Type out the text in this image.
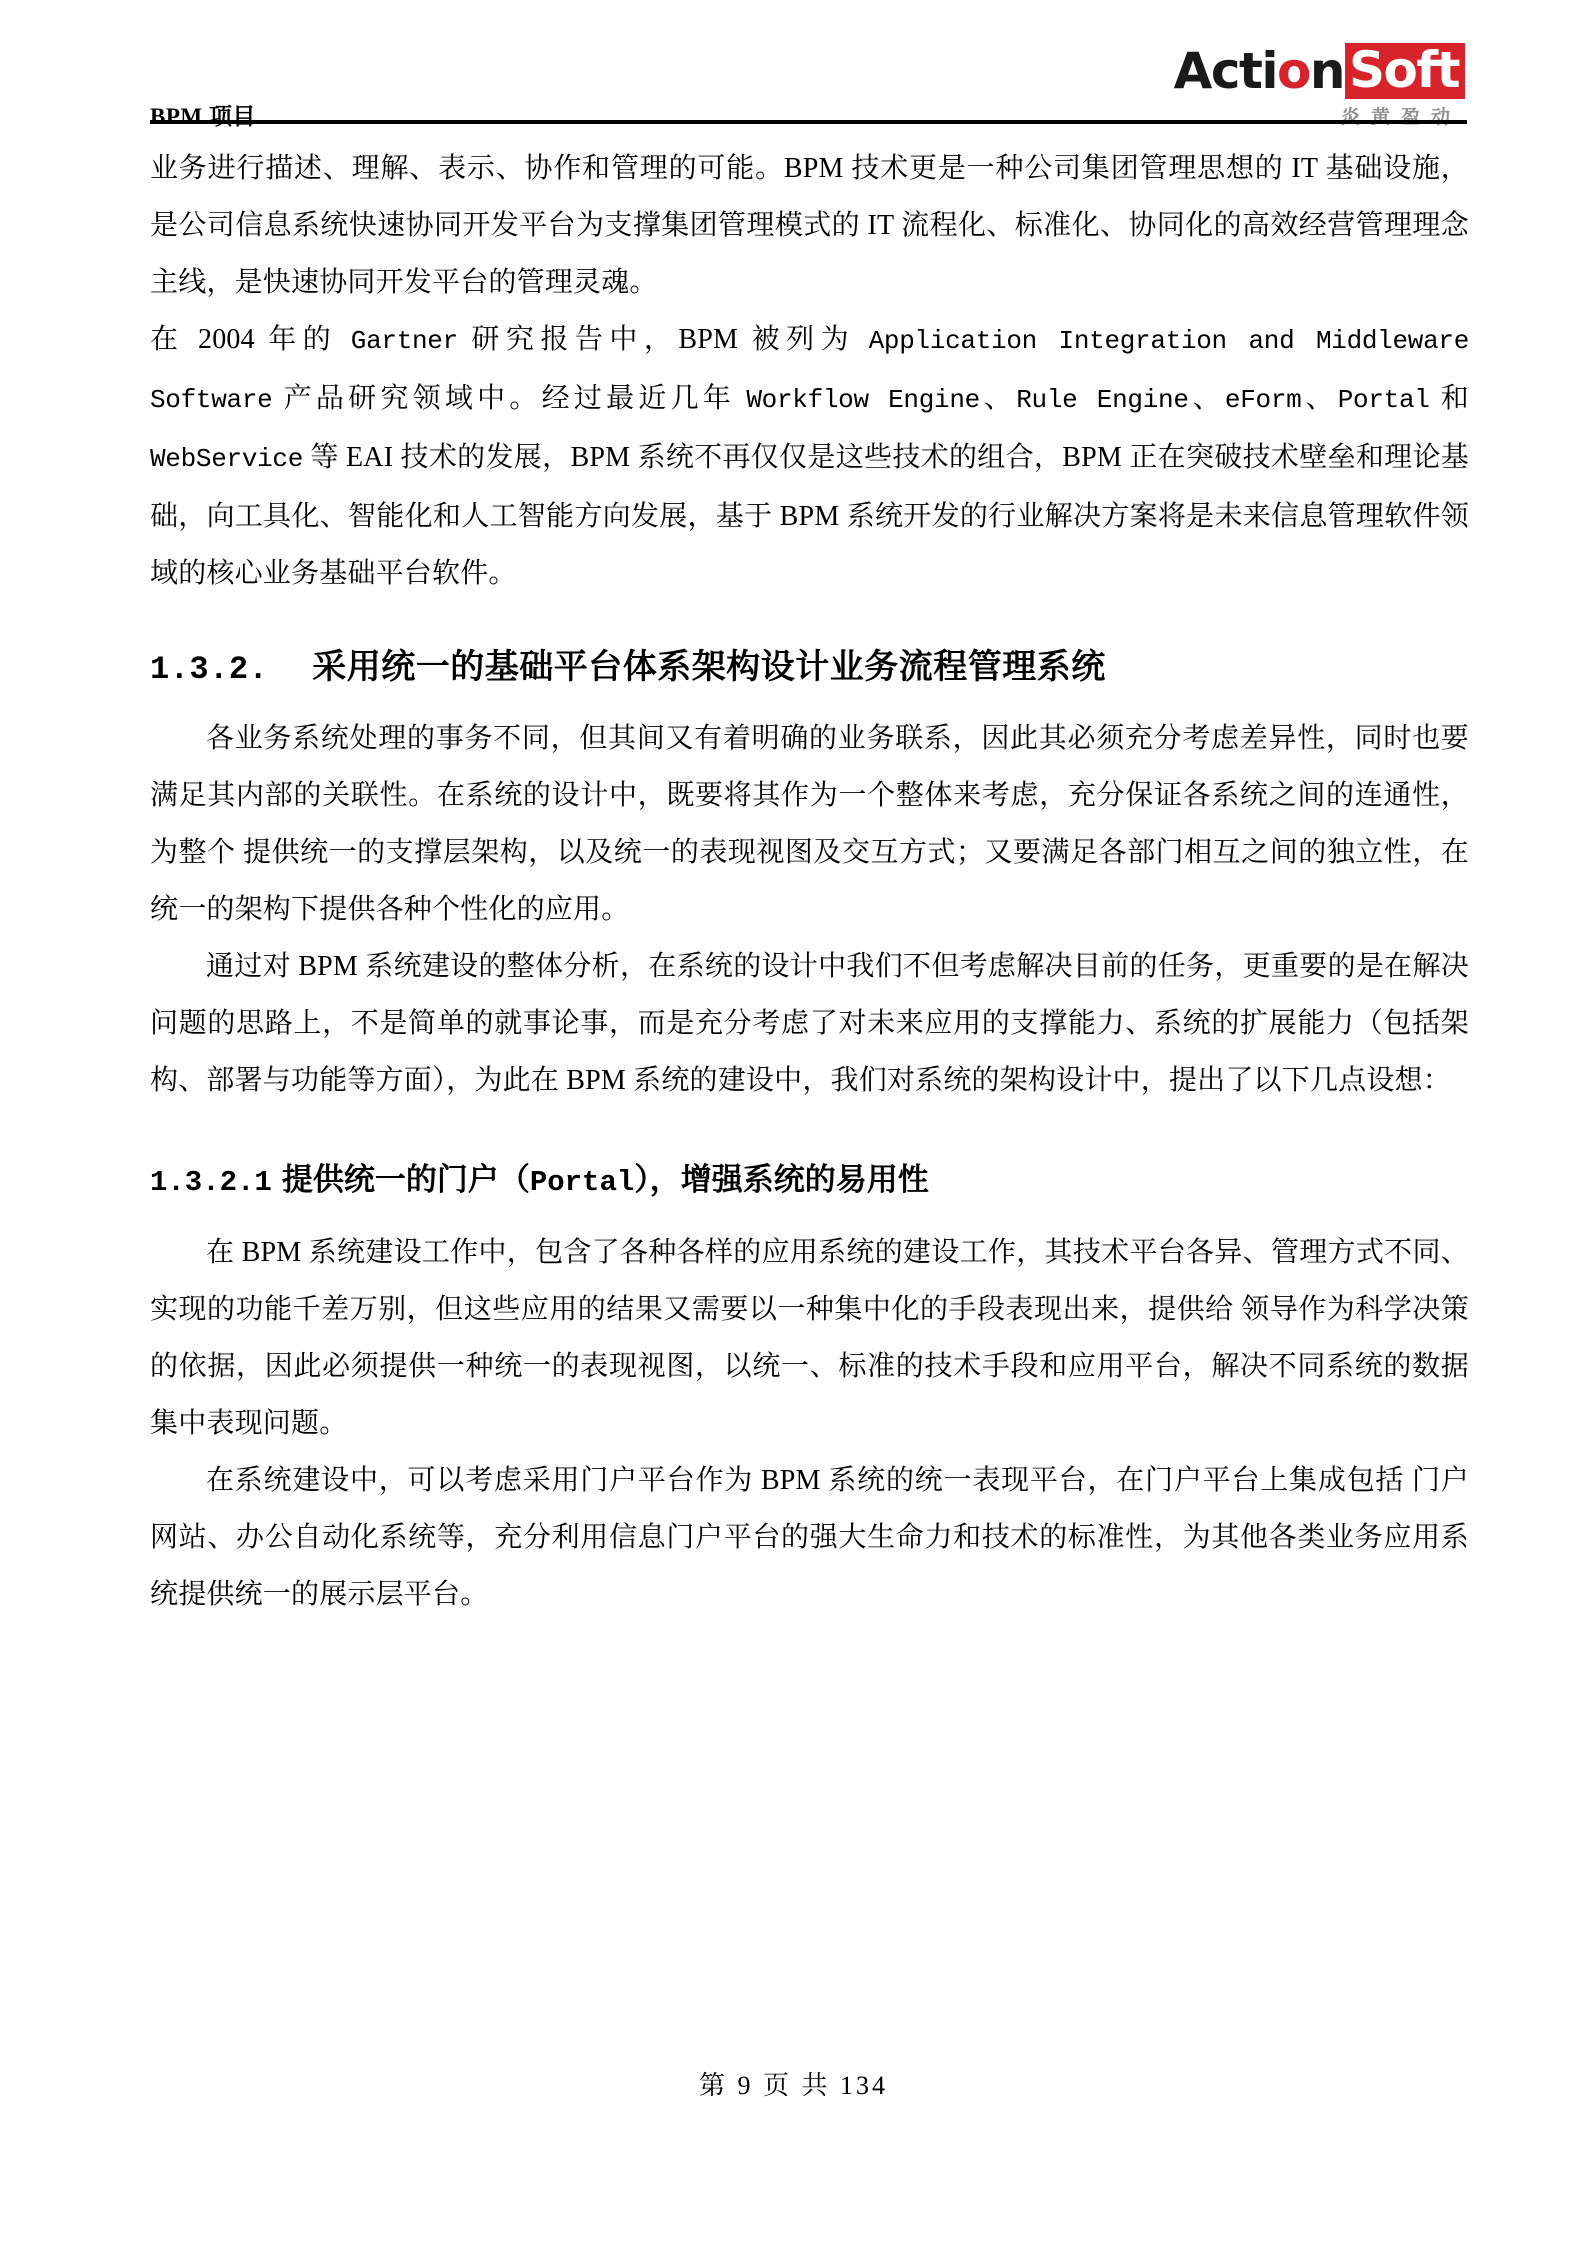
BPM 项目
Action Soft
炎黄盈动

业务进行描述、理解、表示、协作和管理的可能。BPM 技术更是一种公司集团管理思想的 IT 基础设施，是公司信息系统快速协同开发平台为支撑集团管理模式的 IT 流程化、标准化、协同化的高效经营管理理念主线，是快速协同开发平台的管理灵魂。

在 2004 年的 Gartner 研究报告中，BPM 被列为 Application Integration and Middleware Software 产品研究领域中。经过最近几年 Workflow Engine、Rule Engine、eForm、Portal 和 WebService 等 EAI 技术的发展，BPM 系统不再仅仅是这些技术的组合，BPM 正在突破技术壁垒和理论基础，向工具化、智能化和人工智能方向发展，基于 BPM 系统开发的行业解决方案将是未来信息管理软件领域的核心业务基础平台软件。

1.3.2. 采用统一的基础平台体系架构设计业务流程管理系统

各业务系统处理的事务不同，但其间又有着明确的业务联系，因此其必须充分考虑差异性，同时也要满足其内部的关联性。在系统的设计中，既要将其作为一个整体来考虑，充分保证各系统之间的连通性，为整个 提供统一的支撑层架构，以及统一的表现视图及交互方式；又要满足各部门相互之间的独立性，在统一的架构下提供各种个性化的应用。

通过对 BPM 系统建设的整体分析，在系统的设计中我们不但考虑解决目前的任务，更重要的是在解决问题的思路上，不是简单的就事论事，而是充分考虑了对未来应用的支撑能力、系统的扩展能力（包括架构、部署与功能等方面），为此在 BPM 系统的建设中，我们对系统的架构设计中，提出了以下几点设想：

1.3.2.1 提供统一的门户（Portal），增强系统的易用性

在 BPM 系统建设工作中，包含了各种各样的应用系统的建设工作，其技术平台各异、管理方式不同、实现的功能千差万别，但这些应用的结果又需要以一种集中化的手段表现出来，提供给 领导作为科学决策的依据，因此必须提供一种统一的表现视图，以统一、标准的技术手段和应用平台，解决不同系统的数据集中表现问题。

在系统建设中，可以考虑采用门户平台作为 BPM 系统的统一表现平台，在门户平台上集成包括 门户网站、办公自动化系统等，充分利用信息门户平台的强大生命力和技术的标准性，为其他各类业务应用系统提供统一的展示层平台。

第 9 页 共 134
